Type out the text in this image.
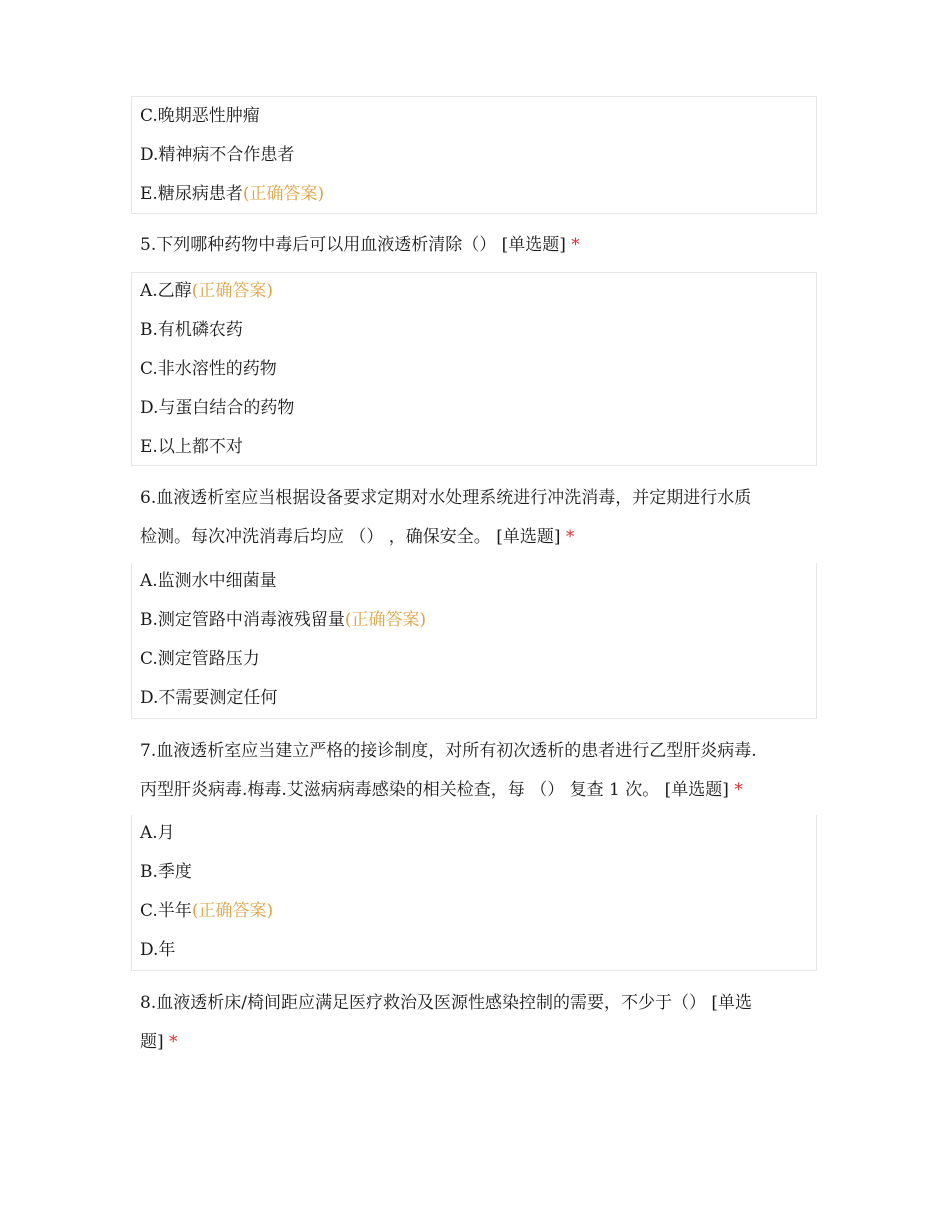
C.晚期恶性肿瘤
D.精神病不合作患者
E.糖尿病患者(正确答案)

5.下列哪种药物中毒后可以用血液透析清除（） [单选题] *

A.乙醇(正确答案)
B.有机磷农药
C.非水溶性的药物
D.与蛋白结合的药物
E.以上都不对

6.血液透析室应当根据设备要求定期对水处理系统进行冲洗消毒，并定期进行水质

检测。每次冲洗消毒后均应 （） ，确保安全。 [单选题] *

A.监测水中细菌量
B.测定管路中消毒液残留量(正确答案)
C.测定管路压力
D.不需要测定任何

7.血液透析室应当建立严格的接诊制度，对所有初次透析的患者进行乙型肝炎病毒.

丙型肝炎病毒.梅毒.艾滋病病毒感染的相关检查，每 （） 复查 1 次。 [单选题] *

A.月
B.季度
C.半年(正确答案)
D.年

8.血液透析床/椅间距应满足医疗救治及医源性感染控制的需要，不少于（） [单选

题] *
